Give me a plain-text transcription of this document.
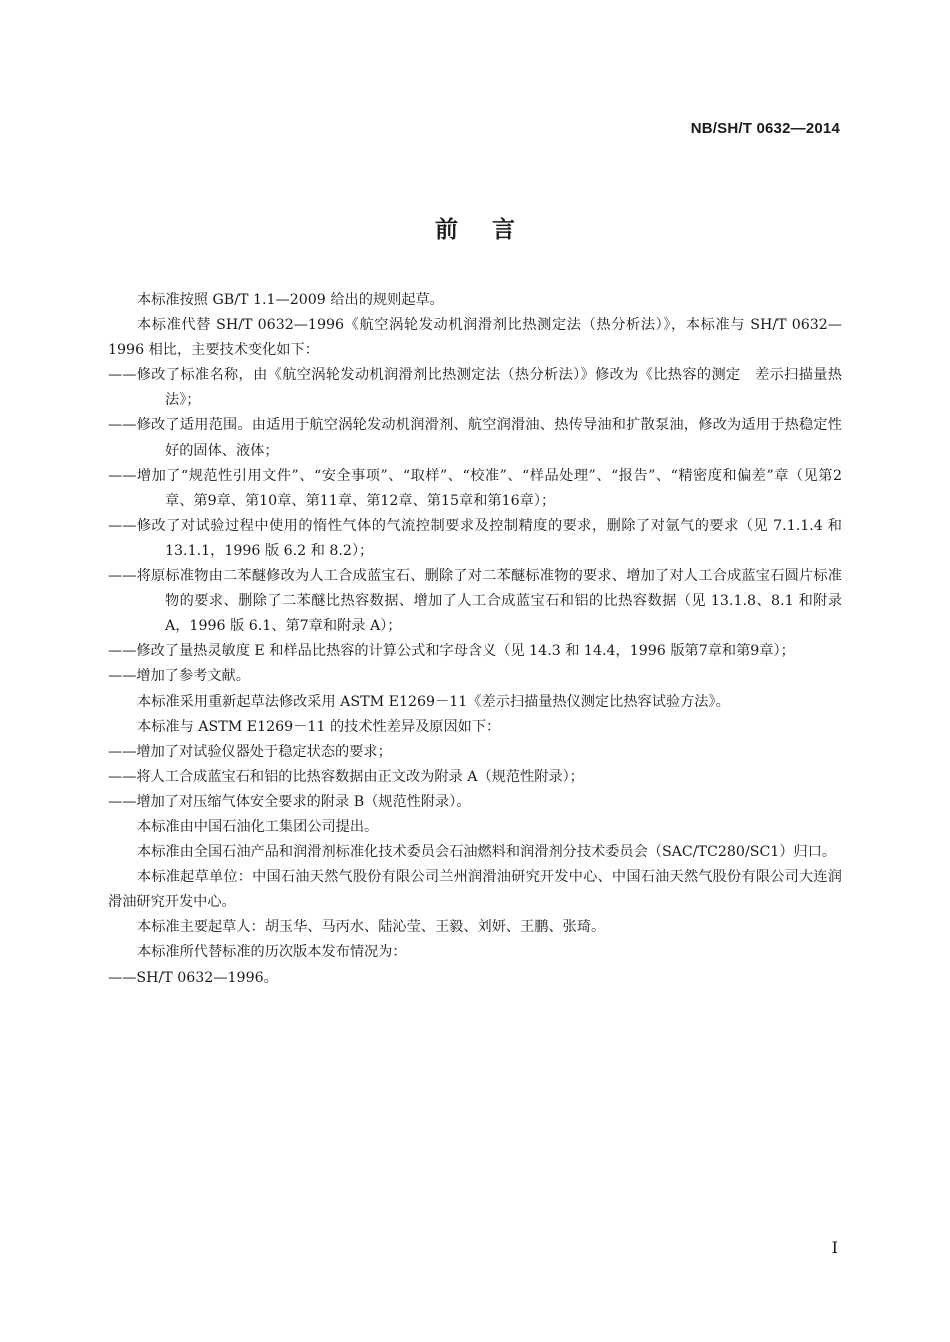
NB/SH/T 0632—2014
前言

本标准按照 GB/T 1.1—2009 给出的规则起草。

本标准代替 SH/T 0632—1996《航空涡轮发动机润滑剂比热测定法（热分析法）》，本标准与 SH/T 0632—1996 相比，主要技术变化如下：

——修改了标准名称，由《航空涡轮发动机润滑剂比热测定法（热分析法）》修改为《比热容的测定　差示扫描量热法》；

——修改了适用范围。由适用于航空涡轮发动机润滑剂、航空润滑油、热传导油和扩散泵油，修改为适用于热稳定性好的固体、液体；

——增加了“规范性引用文件”、“安全事项”、“取样”、“校准”、“样品处理”、“报告”、“精密度和偏差”章（见第2章、第9章、第10章、第11章、第12章、第15章和第16章）；

——修改了对试验过程中使用的惰性气体的气流控制要求及控制精度的要求，删除了对氩气的要求（见 7.1.1.4 和 13.1.1，1996 版 6.2 和 8.2）；

——将原标准物由二苯醚修改为人工合成蓝宝石、删除了对二苯醚标准物的要求、增加了对人工合成蓝宝石圆片标准物的要求、删除了二苯醚比热容数据、增加了人工合成蓝宝石和铝的比热容数据（见 13.1.8、8.1 和附录 A，1996 版 6.1、第7章和附录 A）；

——修改了量热灵敏度 E 和样品比热容的计算公式和字母含义（见 14.3 和 14.4，1996 版第7章和第9章）；

——增加了参考文献。

本标准采用重新起草法修改采用 ASTM E1269－11《差示扫描量热仪测定比热容试验方法》。

本标准与 ASTM E1269－11 的技术性差异及原因如下：

——增加了对试验仪器处于稳定状态的要求；

——将人工合成蓝宝石和铝的比热容数据由正文改为附录 A（规范性附录）；

——增加了对压缩气体安全要求的附录 B（规范性附录）。

本标准由中国石油化工集团公司提出。

本标准由全国石油产品和润滑剂标准化技术委员会石油燃料和润滑剂分技术委员会（SAC/TC280/SC1）归口。

本标准起草单位：中国石油天然气股份有限公司兰州润滑油研究开发中心、中国石油天然气股份有限公司大连润滑油研究开发中心。

本标准主要起草人：胡玉华、马丙水、陆沁莹、王毅、刘妍、王鹏、张琦。

本标准所代替标准的历次版本发布情况为：

——SH/T 0632—1996。

I
